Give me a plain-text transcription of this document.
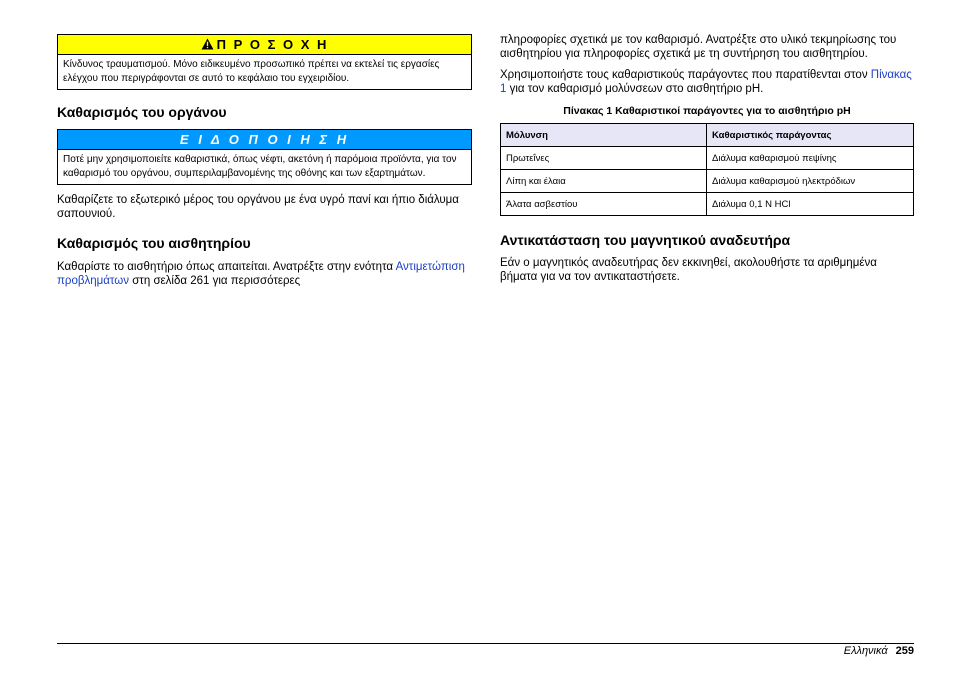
Π Ρ Ο Σ Ο Χ Η
Κίνδυνος τραυματισμού. Μόνο ειδικευμένο προσωπικό πρέπει να εκτελεί τις εργασίες ελέγχου που περιγράφονται σε αυτό το κεφάλαιο του εγχειριδίου.
Καθαρισμός του οργάνου
Ε Ι Δ Ο Π Ο Ι Η Σ Η
Ποτέ μην χρησιμοποιείτε καθαριστικά, όπως νέφτι, ακετόνη ή παρόμοια προϊόντα, για τον καθαρισμό του οργάνου, συμπεριλαμβανομένης της οθόνης και των εξαρτημάτων.

Καθαρίζετε το εξωτερικό μέρος του οργάνου με ένα υγρό πανί και ήπιο διάλυμα σαπουνιού.

Καθαρισμός του αισθητηρίου

Καθαρίστε το αισθητήριο όπως απαιτείται. Ανατρέξτε στην ενότητα Αντιμετώπιση προβλημάτων στη σελίδα 261 για περισσότερες

πληροφορίες σχετικά με τον καθαρισμό. Ανατρέξτε στο υλικό τεκμηρίωσης του αισθητηρίου για πληροφορίες σχετικά με τη συντήρηση του αισθητηρίου.

Χρησιμοποιήστε τους καθαριστικούς παράγοντες που παρατίθενται στον Πίνακας 1 για τον καθαρισμό μολύνσεων στο αισθητήριο pH.

Πίνακας 1 Καθαριστικοί παράγοντες για το αισθητήριο pH
Μόλυνση	Καθαριστικός παράγοντας
Πρωτεΐνες	Διάλυμα καθαρισμού πεψίνης
Λίπη και έλαια	Διάλυμα καθαρισμού ηλεκτρόδιων
Άλατα ασβεστίου	Διάλυμα 0,1 N HCl
Αντικατάσταση του μαγνητικού αναδευτήρα

Εάν ο μαγνητικός αναδευτήρας δεν εκκινηθεί, ακολουθήστε τα αριθμημένα βήματα για να τον αντικαταστήσετε.

Ελληνικά 259
